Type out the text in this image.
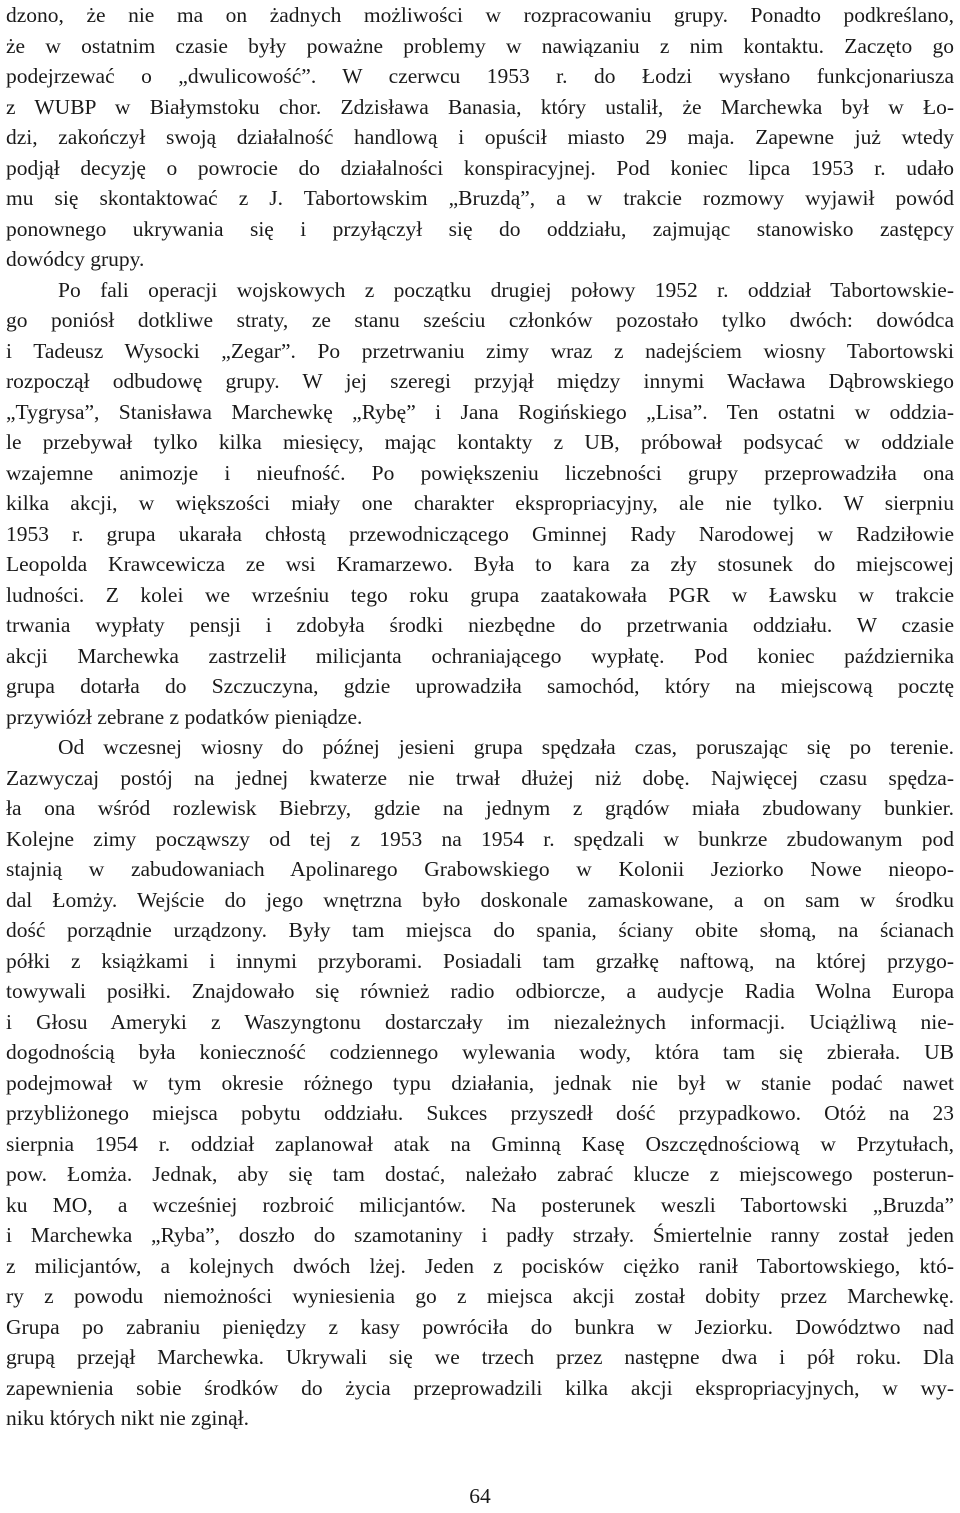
dzono, że nie ma on żadnych możliwości w rozpracowaniu grupy. Ponadto podkreślano,
że w ostatnim czasie były poważne problemy w nawiązaniu z nim kontaktu. Zaczęto go
podejrzewać o „dwulicowość”. W czerwcu 1953 r. do Łodzi wysłano funkcjonariusza
z WUBP w Białymstoku chor. Zdzisława Banasia, który ustalił, że Marchewka był w Ło-
dzi, zakończył swoją działalność handlową i opuścił miasto 29 maja. Zapewne już wtedy
podjął decyzję o powrocie do działalności konspiracyjnej. Pod koniec lipca 1953 r. udało
mu się skontaktować z J. Tabortowskim „Bruzdą”, a w trakcie rozmowy wyjawił powód
ponownego ukrywania się i przyłączył się do oddziału, zajmując stanowisko zastępcy
dowódcy grupy.
Po fali operacji wojskowych z początku drugiej połowy 1952 r. oddział Tabortowskie-
go poniósł dotkliwe straty, ze stanu sześciu członków pozostało tylko dwóch: dowódca
i Tadeusz Wysocki „Zegar”. Po przetrwaniu zimy wraz z nadejściem wiosny Tabortowski
rozpoczął odbudowę grupy. W jej szeregi przyjął między innymi Wacława Dąbrowskiego
„Tygrysa”, Stanisława Marchewkę „Rybę” i Jana Rogińskiego „Lisa”. Ten ostatni w oddzia-
le przebywał tylko kilka miesięcy, mając kontakty z UB, próbował podsycać w oddziale
wzajemne animozje i nieufność. Po powiększeniu liczebności grupy przeprowadziła ona
kilka akcji, w większości miały one charakter ekspropriacyjny, ale nie tylko. W sierpniu
1953 r. grupa ukarała chłostą przewodniczącego Gminnej Rady Narodowej w Radziłowie
Leopolda Krawcewicza ze wsi Kramarzewo. Była to kara za zły stosunek do miejscowej
ludności. Z kolei we wrześniu tego roku grupa zaatakowała PGR w Ławsku w trakcie
trwania wypłaty pensji i zdobyła środki niezbędne do przetrwania oddziału. W czasie
akcji Marchewka zastrzelił milicjanta ochraniającego wypłatę. Pod koniec października
grupa dotarła do Szczuczyna, gdzie uprowadziła samochód, który na miejscową pocztę
przywiózł zebrane z podatków pieniądze.
Od wczesnej wiosny do późnej jesieni grupa spędzała czas, poruszając się po terenie.
Zazwyczaj postój na jednej kwaterze nie trwał dłużej niż dobę. Najwięcej czasu spędza-
ła ona wśród rozlewisk Biebrzy, gdzie na jednym z grądów miała zbudowany bunkier.
Kolejne zimy począwszy od tej z 1953 na 1954 r. spędzali w bunkrze zbudowanym pod
stajnią w zabudowaniach Apolinarego Grabowskiego w Kolonii Jeziorko Nowe nieopo-
dal Łomży. Wejście do jego wnętrzna było doskonale zamaskowane, a on sam w środku
dość porządnie urządzony. Były tam miejsca do spania, ściany obite słomą, na ścianach
półki z książkami i innymi przyborami. Posiadali tam grzałkę naftową, na której przygo-
towywali posiłki. Znajdowało się również radio odbiorcze, a audycje Radia Wolna Europa
i Głosu Ameryki z Waszyngtonu dostarczały im niezależnych informacji. Uciążliwą nie-
dogodnością była konieczność codziennego wylewania wody, która tam się zbierała. UB
podejmował w tym okresie różnego typu działania, jednak nie był w stanie podać nawet
przybliżonego miejsca pobytu oddziału. Sukces przyszedł dość przypadkowo. Otóż na 23
sierpnia 1954 r. oddział zaplanował atak na Gminną Kasę Oszczędnościową w Przytułach,
pow. Łomża. Jednak, aby się tam dostać, należało zabrać klucze z miejscowego posterun-
ku MO, a wcześniej rozbroić milicjantów. Na posterunek weszli Tabortowski „Bruzda”
i Marchewka „Ryba”, doszło do szamotaniny i padły strzały. Śmiertelnie ranny został jeden
z milicjantów, a kolejnych dwóch lżej. Jeden z pocisków ciężko ranił Tabortowskiego, któ-
ry z powodu niemożności wyniesienia go z miejsca akcji został dobity przez Marchewkę.
Grupa po zabraniu pieniędzy z kasy powróciła do bunkra w Jeziorku. Dowództwo nad
grupą przejął Marchewka. Ukrywali się we trzech przez następne dwa i pół roku. Dla
zapewnienia sobie środków do życia przeprowadzili kilka akcji ekspropriacyjnych, w wy-
niku których nikt nie zginął.
64
